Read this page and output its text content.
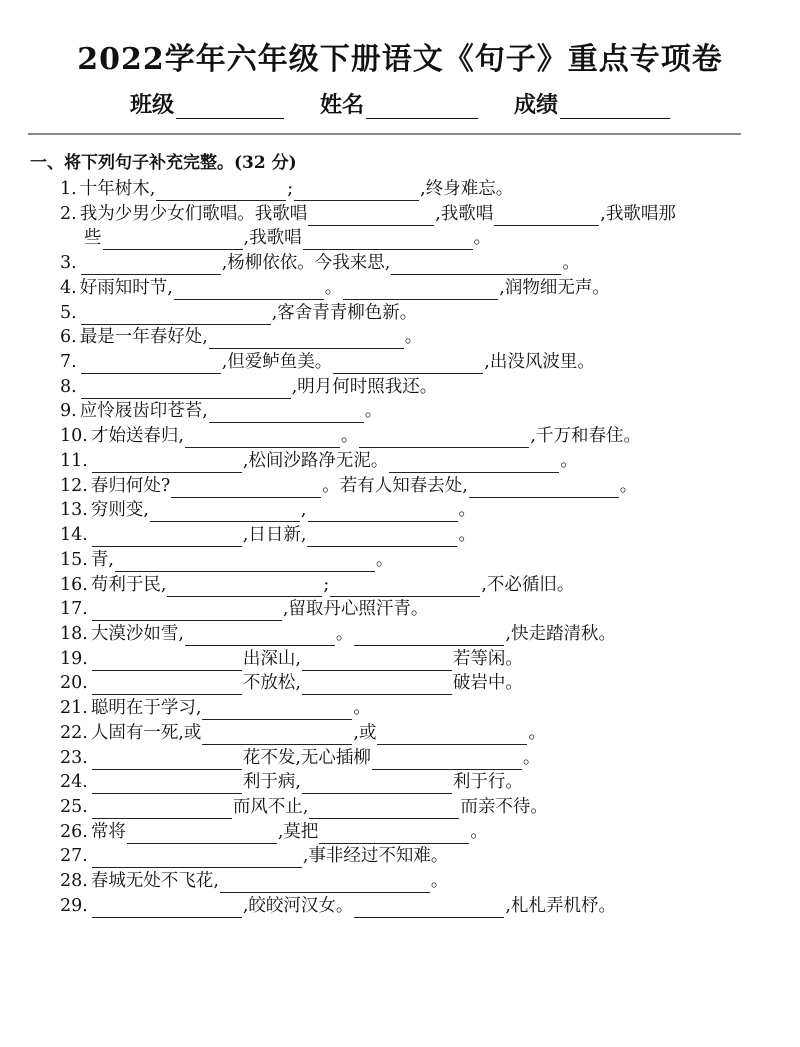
2022学年六年级下册语文《句子》重点专项卷
班级	姓名	成绩
一、将下列句子补充完整。(32 分)
1. 十年树木,	;	,终身难忘。
2. 我为少男少女们歌唱。我歌唱	,我歌唱	,我歌唱那
些	,我歌唱	。
3.	,杨柳依依。今我来思,	。
4. 好雨知时节,	。	,润物细无声。
5.	,客舍青青柳色新。
6. 最是一年春好处,	。
7.	,但爱鲈鱼美。	,出没风波里。
8.	,明月何时照我还。
9. 应怜屐齿印苍苔,	。
10. 才始送春归,	。	,千万和春住。
11.	,松间沙路净无泥。	。
12. 春归何处?	。若有人知春去处,	。
13. 穷则变,	,	。
14.	,日日新,	。
15. 青,	。
16. 苟利于民,	;	,不必循旧。
17.	,留取丹心照汗青。
18. 大漠沙如雪,	。	,快走踏清秋。
19.	出深山,	若等闲。
20.	不放松,	破岩中。
21. 聪明在于学习,	。
22. 人固有一死,或	,或	。
23.	花不发,无心插柳	。
24.	利于病,	利于行。
25.	而风不止,	而亲不待。
26. 常将	,莫把	。
27.	,事非经过不知难。
28. 春城无处不飞花,	。
29.	,皎皎河汉女。	,札札弄机杼。
